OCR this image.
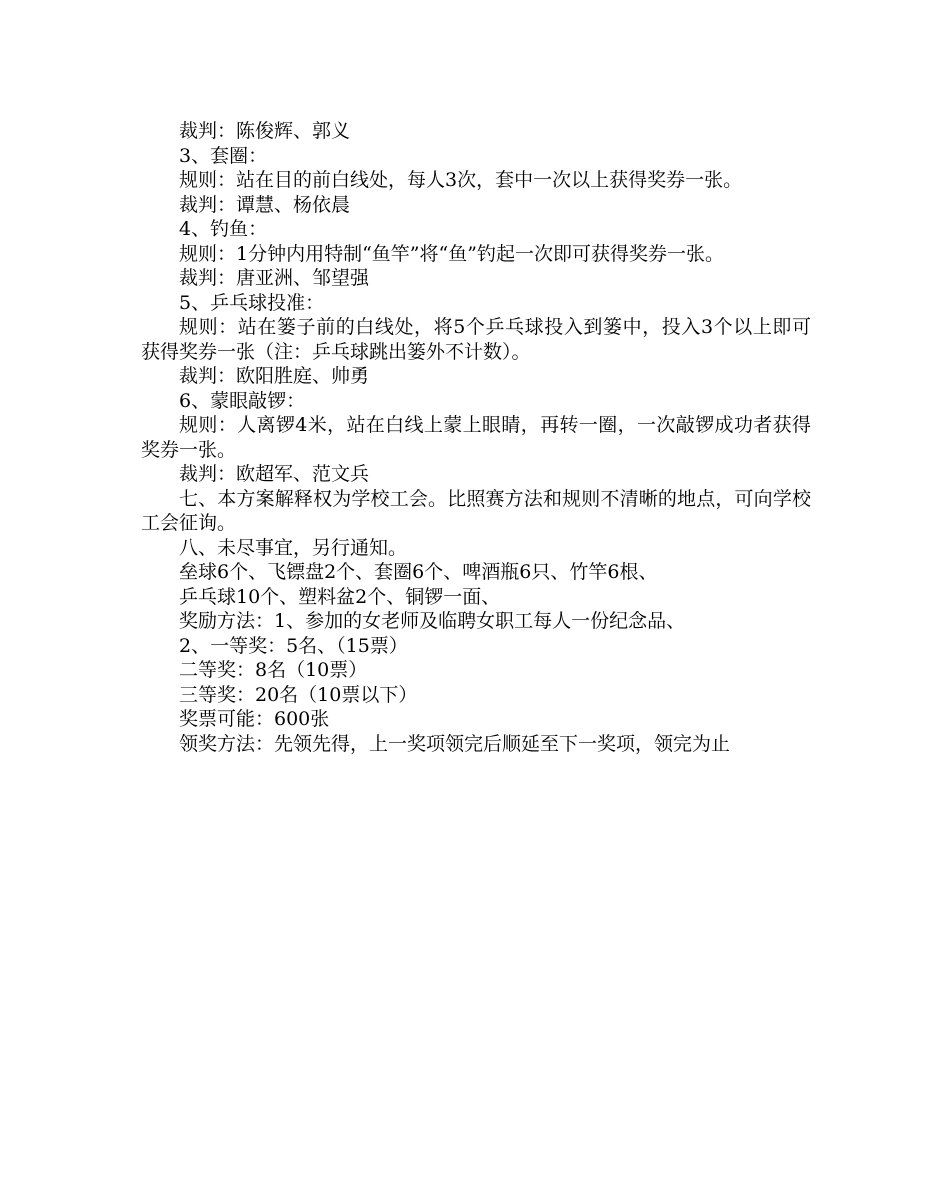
裁判：陈俊辉、郭义

3、套圈：

规则：站在目的前白线处，每人3次，套中一次以上获得奖券一张。

裁判：谭慧、杨依晨

4、钓鱼：

规则：1分钟内用特制“鱼竿”将“鱼”钓起一次即可获得奖券一张。

裁判：唐亚洲、邹望强

5、乒乓球投准：

规则：站在篓子前的白线处，将5个乒乓球投入到篓中，投入3个以上即可获得奖券一张（注：乒乓球跳出篓外不计数）。

裁判：欧阳胜庭、帅勇

6、蒙眼敲锣：

规则：人离锣4米，站在白线上蒙上眼睛，再转一圈，一次敲锣成功者获得奖券一张。

裁判：欧超军、范文兵

七、本方案解释权为学校工会。比照赛方法和规则不清晰的地点，可向学校工会征询。

八、未尽事宜，另行通知。

垒球6个、飞镖盘2个、套圈6个、啤酒瓶6只、竹竿6根、

乒乓球10个、塑料盆2个、铜锣一面、

奖励方法：1、参加的女老师及临聘女职工每人一份纪念品、

2、一等奖：5名、（15票）

二等奖：8名（10票）

三等奖：20名（10票以下）

奖票可能：600张

领奖方法：先领先得，上一奖项领完后顺延至下一奖项，领完为止
